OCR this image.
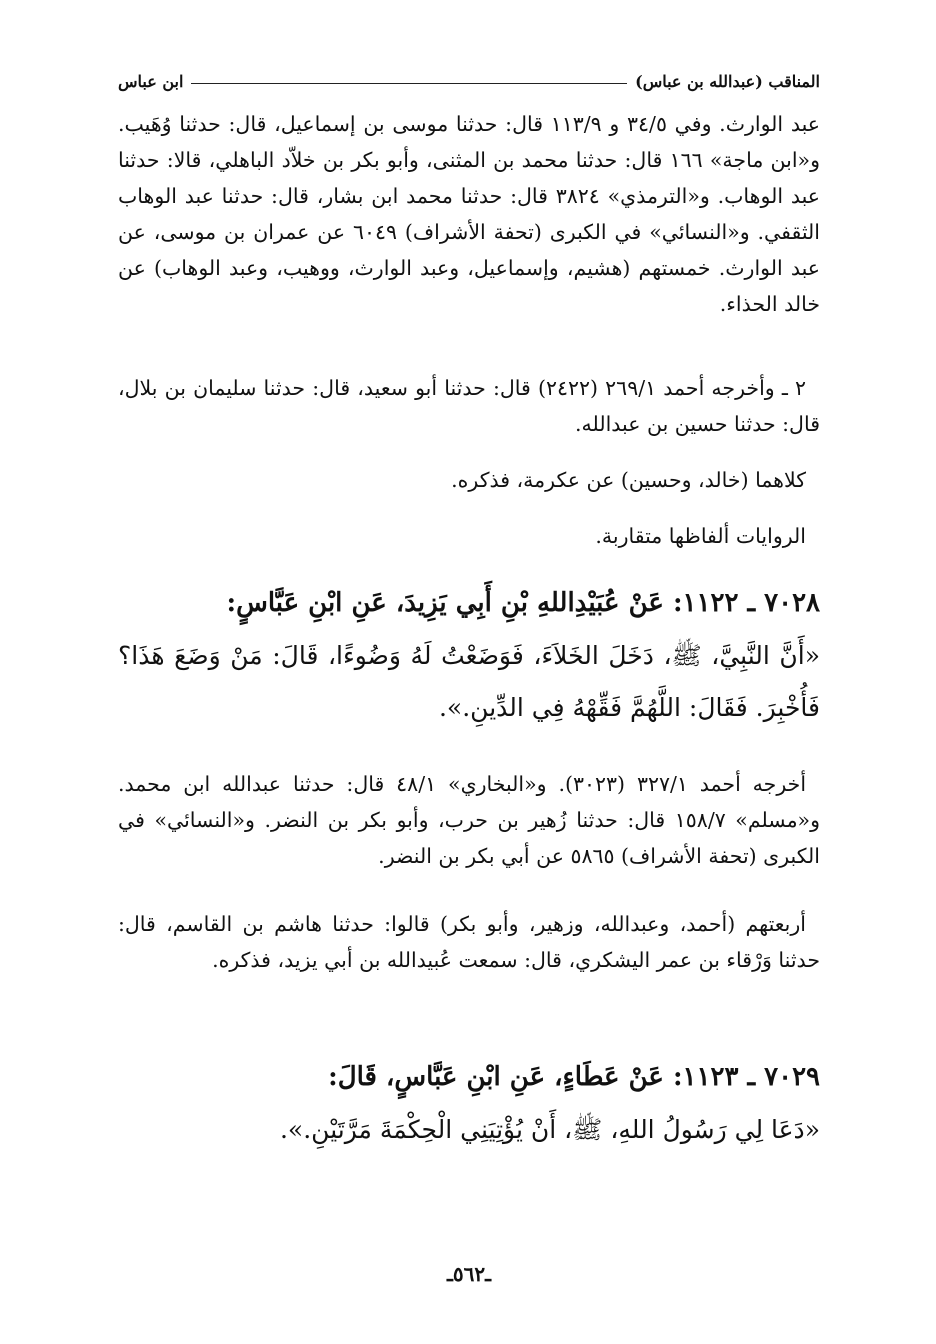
المناقب (عبدالله بن عباس)
ابن عباس

عبد الوارث. وفي ٣٤/٥ و ١١٣/٩ قال: حدثنا موسى بن إسماعيل، قال: حدثنا وُهَيب. و«ابن ماجة» ١٦٦ قال: حدثنا محمد بن المثنى، وأبو بكر بن خلاّد الباهلي، قالا: حدثنا عبد الوهاب. و«الترمذي» ٣٨٢٤ قال: حدثنا محمد ابن بشار، قال: حدثنا عبد الوهاب الثقفي. و«النسائي» في الكبرى (تحفة الأشراف) ٦٠٤٩ عن عمران بن موسى، عن عبد الوارث. خمستهم (هشيم، وإسماعيل، وعبد الوارث، ووهيب، وعبد الوهاب) عن خالد الحذاء.

٢ ـ وأخرجه أحمد ٢٦٩/١ (٢٤٢٢) قال: حدثنا أبو سعيد، قال: حدثنا سليمان بن بلال، قال: حدثنا حسين بن عبدالله.

كلاهما (خالد، وحسين) عن عكرمة، فذكره.

الروايات ألفاظها متقاربة.

٧٠٢٨ ـ ١١٢٢: عَنْ عُبَيْدِاللهِ بْنِ أَبِي يَزِيدَ، عَنِ ابْنِ عَبَّاسٍ:

«أَنَّ النَّبِيَّ، ﷺ، دَخَلَ الخَلاَءَ، فَوَضَعْتُ لَهُ وَضُوءًا، قَالَ: مَنْ وَضَعَ هَذَا؟ فَأُخْبِرَ. فَقَالَ: اللَّهُمَّ فَقِّهْهُ فِي الدِّينِ.».

أخرجه أحمد ٣٢٧/١ (٣٠٢٣). و«البخاري» ٤٨/١ قال: حدثنا عبدالله ابن محمد. و«مسلم» ١٥٨/٧ قال: حدثنا زُهير بن حرب، وأبو بكر بن النضر. و«النسائي» في الكبرى (تحفة الأشراف) ٥٨٦٥ عن أبي بكر بن النضر.

أربعتهم (أحمد، وعبدالله، وزهير، وأبو بكر) قالوا: حدثنا هاشم بن القاسم، قال: حدثنا وَرْقاء بن عمر اليشكري، قال: سمعت عُبيدالله بن أبي يزيد، فذكره.

٧٠٢٩ ـ ١١٢٣: عَنْ عَطَاءٍ، عَنِ ابْنِ عَبَّاسٍ، قَالَ:

«دَعَا لِي رَسُولُ اللهِ، ﷺ، أَنْ يُؤْتِيَنِي الْحِكْمَةَ مَرَّتَيْنِ.».

ـ٥٦٢ـ
